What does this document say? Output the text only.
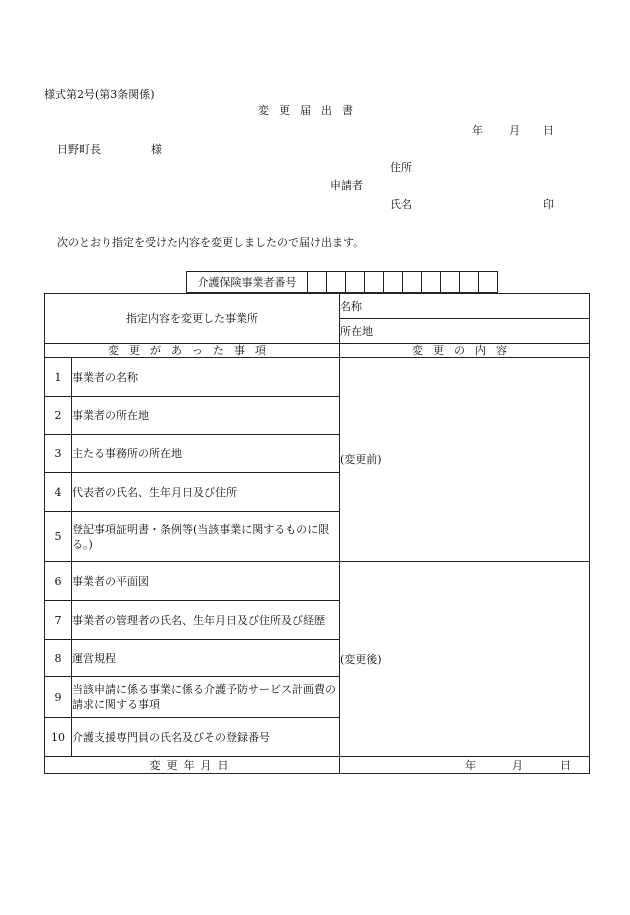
様式第2号(第3条関係)
変更届出書
年 月 日
日野町長	様
住所
申請者
氏名	印
次のとおり指定を受けた内容を変更しましたので届け出ます。
介護保険事業者番号
指定内容を変更した事業所		名称
		所在地
変更があった事項		変更の内容
1	事業者の名称	(変更前)
2	事業者の所在地	
3	主たる事務所の所在地	
4	代表者の氏名、生年月日及び住所	
5	登記事項証明書・条例等(当該事業に関するものに限る。)	
6	事業者の平面図	(変更後)
7	事業者の管理者の氏名、生年月日及び住所及び経歴	
8	運営規程	
9	当該申請に係る事業に係る介護予防サービス計画費の請求に関する事項	
10	介護支援専門員の氏名及びその登録番号	
変更年月日		年 月 日
